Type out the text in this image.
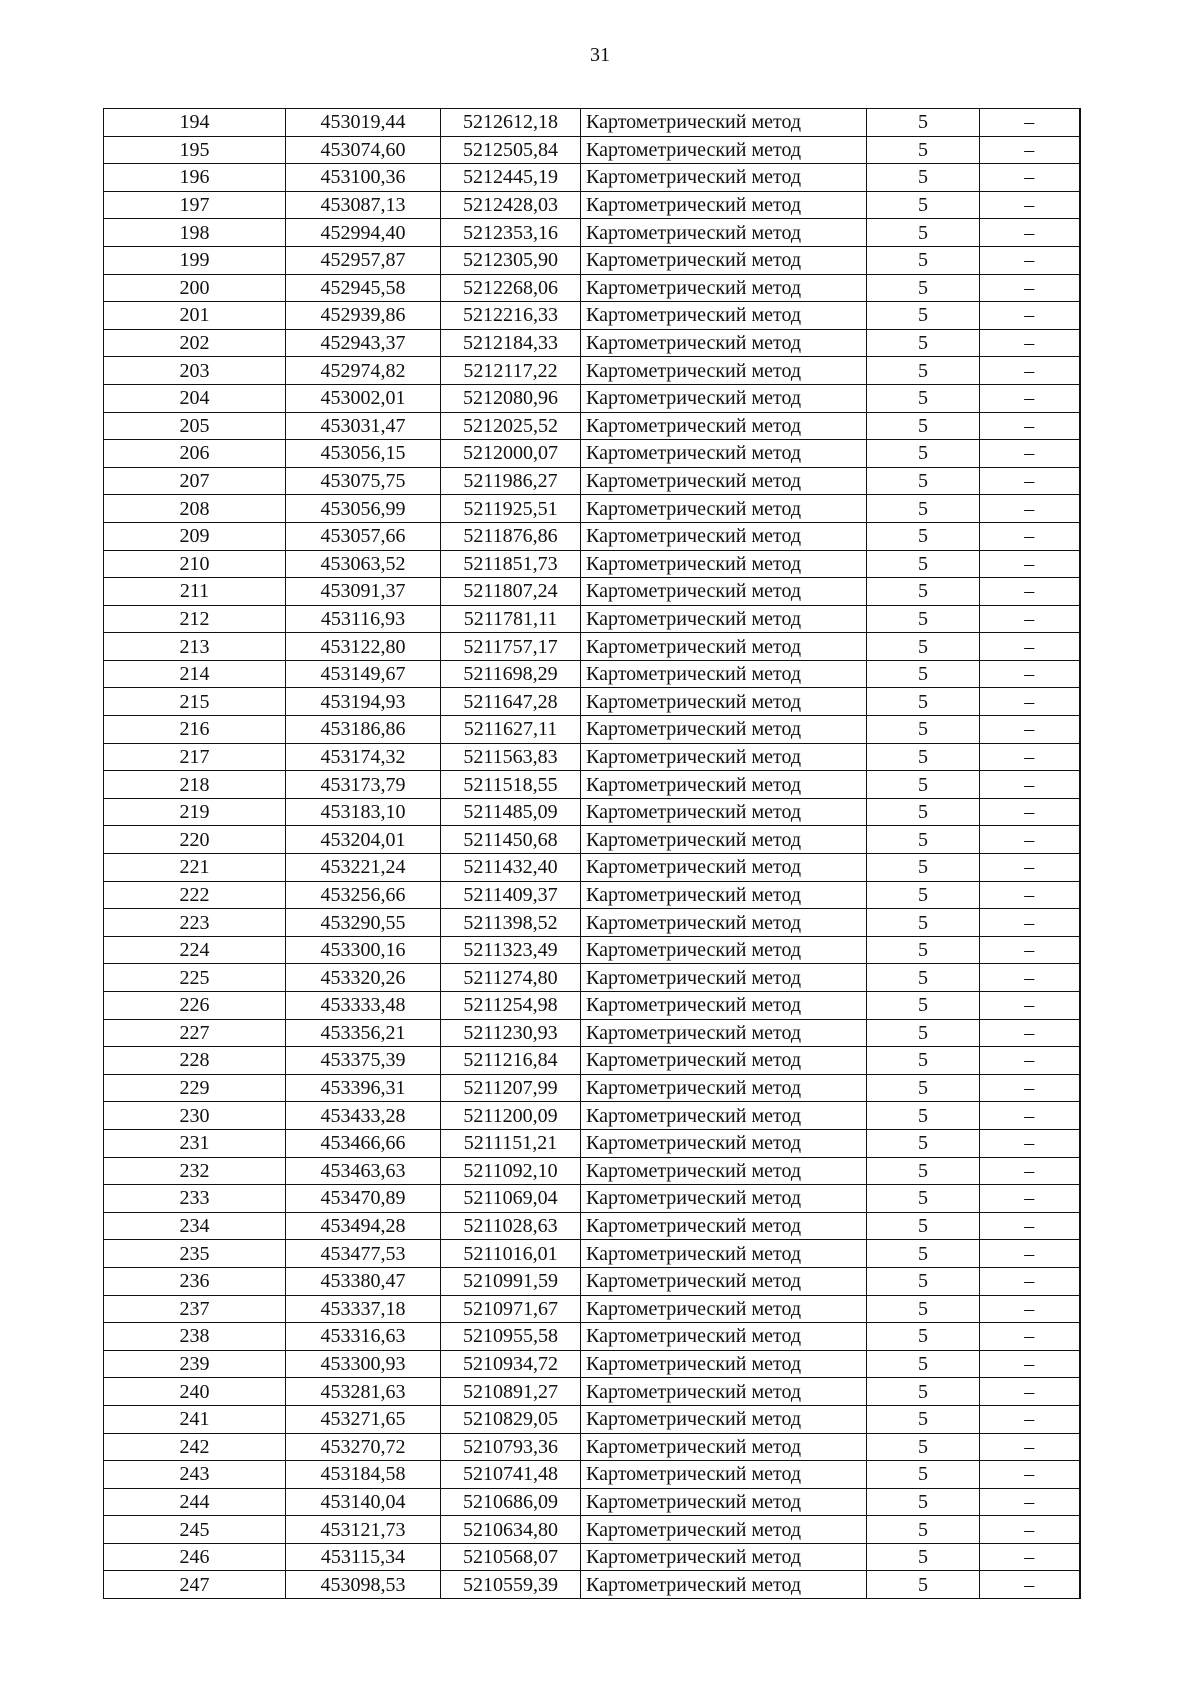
31
194	453019,44	5212612,18	Картометрический метод	5	–
195	453074,60	5212505,84	Картометрический метод	5	–
196	453100,36	5212445,19	Картометрический метод	5	–
197	453087,13	5212428,03	Картометрический метод	5	–
198	452994,40	5212353,16	Картометрический метод	5	–
199	452957,87	5212305,90	Картометрический метод	5	–
200	452945,58	5212268,06	Картометрический метод	5	–
201	452939,86	5212216,33	Картометрический метод	5	–
202	452943,37	5212184,33	Картометрический метод	5	–
203	452974,82	5212117,22	Картометрический метод	5	–
204	453002,01	5212080,96	Картометрический метод	5	–
205	453031,47	5212025,52	Картометрический метод	5	–
206	453056,15	5212000,07	Картометрический метод	5	–
207	453075,75	5211986,27	Картометрический метод	5	–
208	453056,99	5211925,51	Картометрический метод	5	–
209	453057,66	5211876,86	Картометрический метод	5	–
210	453063,52	5211851,73	Картометрический метод	5	–
211	453091,37	5211807,24	Картометрический метод	5	–
212	453116,93	5211781,11	Картометрический метод	5	–
213	453122,80	5211757,17	Картометрический метод	5	–
214	453149,67	5211698,29	Картометрический метод	5	–
215	453194,93	5211647,28	Картометрический метод	5	–
216	453186,86	5211627,11	Картометрический метод	5	–
217	453174,32	5211563,83	Картометрический метод	5	–
218	453173,79	5211518,55	Картометрический метод	5	–
219	453183,10	5211485,09	Картометрический метод	5	–
220	453204,01	5211450,68	Картометрический метод	5	–
221	453221,24	5211432,40	Картометрический метод	5	–
222	453256,66	5211409,37	Картометрический метод	5	–
223	453290,55	5211398,52	Картометрический метод	5	–
224	453300,16	5211323,49	Картометрический метод	5	–
225	453320,26	5211274,80	Картометрический метод	5	–
226	453333,48	5211254,98	Картометрический метод	5	–
227	453356,21	5211230,93	Картометрический метод	5	–
228	453375,39	5211216,84	Картометрический метод	5	–
229	453396,31	5211207,99	Картометрический метод	5	–
230	453433,28	5211200,09	Картометрический метод	5	–
231	453466,66	5211151,21	Картометрический метод	5	–
232	453463,63	5211092,10	Картометрический метод	5	–
233	453470,89	5211069,04	Картометрический метод	5	–
234	453494,28	5211028,63	Картометрический метод	5	–
235	453477,53	5211016,01	Картометрический метод	5	–
236	453380,47	5210991,59	Картометрический метод	5	–
237	453337,18	5210971,67	Картометрический метод	5	–
238	453316,63	5210955,58	Картометрический метод	5	–
239	453300,93	5210934,72	Картометрический метод	5	–
240	453281,63	5210891,27	Картометрический метод	5	–
241	453271,65	5210829,05	Картометрический метод	5	–
242	453270,72	5210793,36	Картометрический метод	5	–
243	453184,58	5210741,48	Картометрический метод	5	–
244	453140,04	5210686,09	Картометрический метод	5	–
245	453121,73	5210634,80	Картометрический метод	5	–
246	453115,34	5210568,07	Картометрический метод	5	–
247	453098,53	5210559,39	Картометрический метод	5	–
